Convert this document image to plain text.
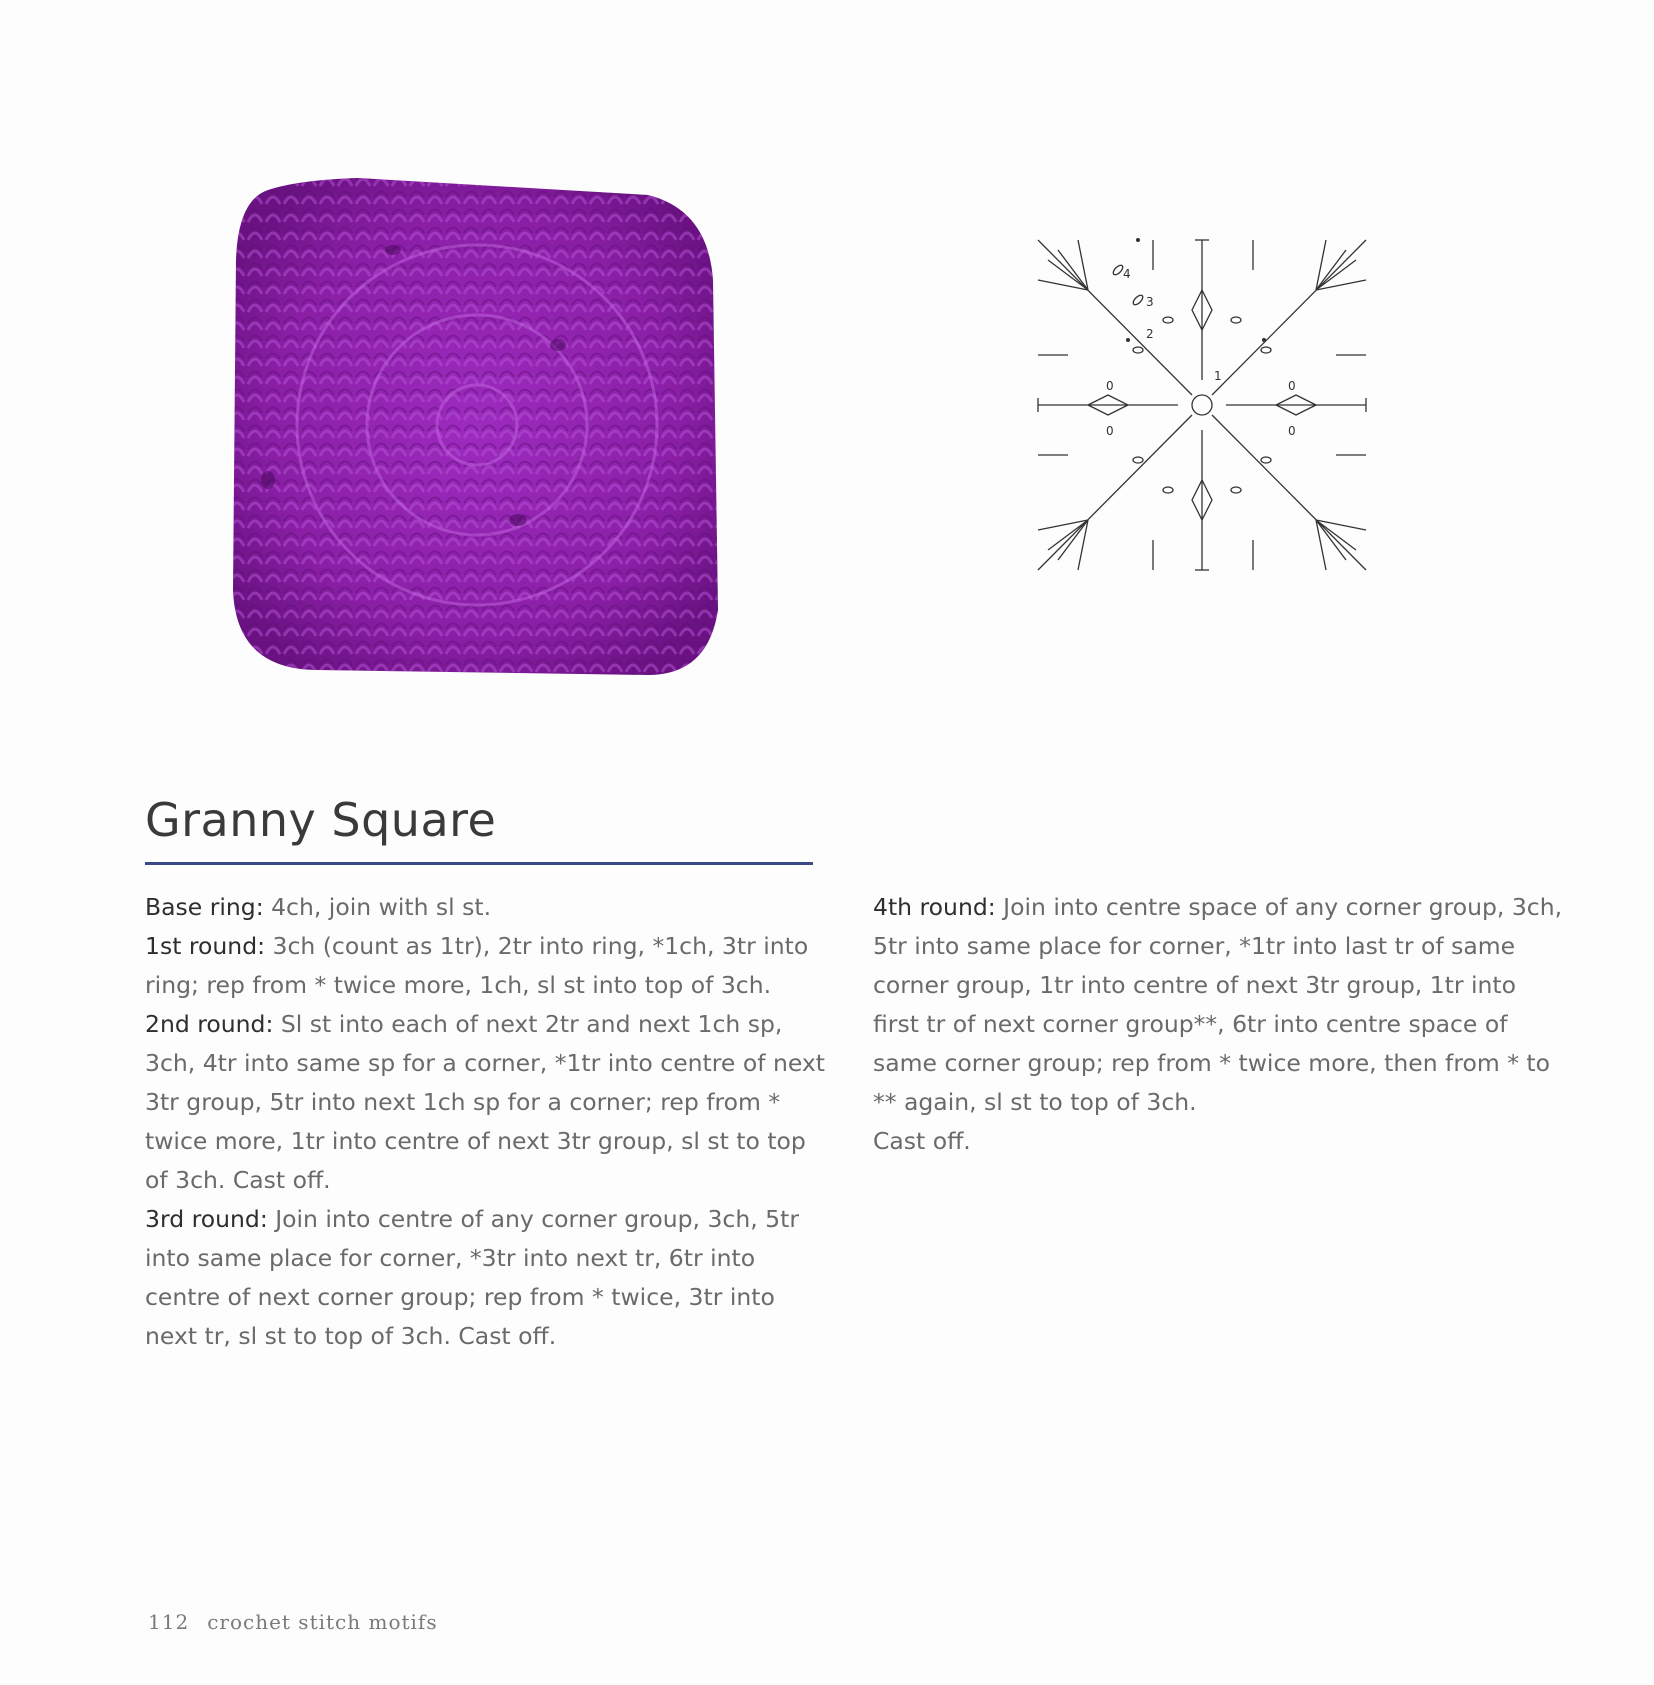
1
2
3
4
0
0
0
0
Granny Square

Base ring: 4ch, join with sl st.

1st round: 3ch (count as 1tr), 2tr into ring, *1ch, 3tr into ring; rep from * twice more, 1ch, sl st into top of 3ch.

2nd round: Sl st into each of next 2tr and next 1ch sp, 3ch, 4tr into same sp for a corner, *1tr into centre of next 3tr group, 5tr into next 1ch sp for a corner; rep from * twice more, 1tr into centre of next 3tr group, sl st to top of 3ch. Cast off.

3rd round: Join into centre of any corner group, 3ch, 5tr into same place for corner, *3tr into next tr, 6tr into centre of next corner group; rep from * twice, 3tr into next tr, sl st to top of 3ch. Cast off.

4th round: Join into centre space of any corner group, 3ch, 5tr into same place for corner, *1tr into last tr of same corner group, 1tr into centre of next 3tr group, 1tr into first tr of next corner group**, 6tr into centre space of same corner group; rep from * twice more, then from * to ** again, sl st to top of 3ch.

Cast off.

112 crochet stitch motifs
